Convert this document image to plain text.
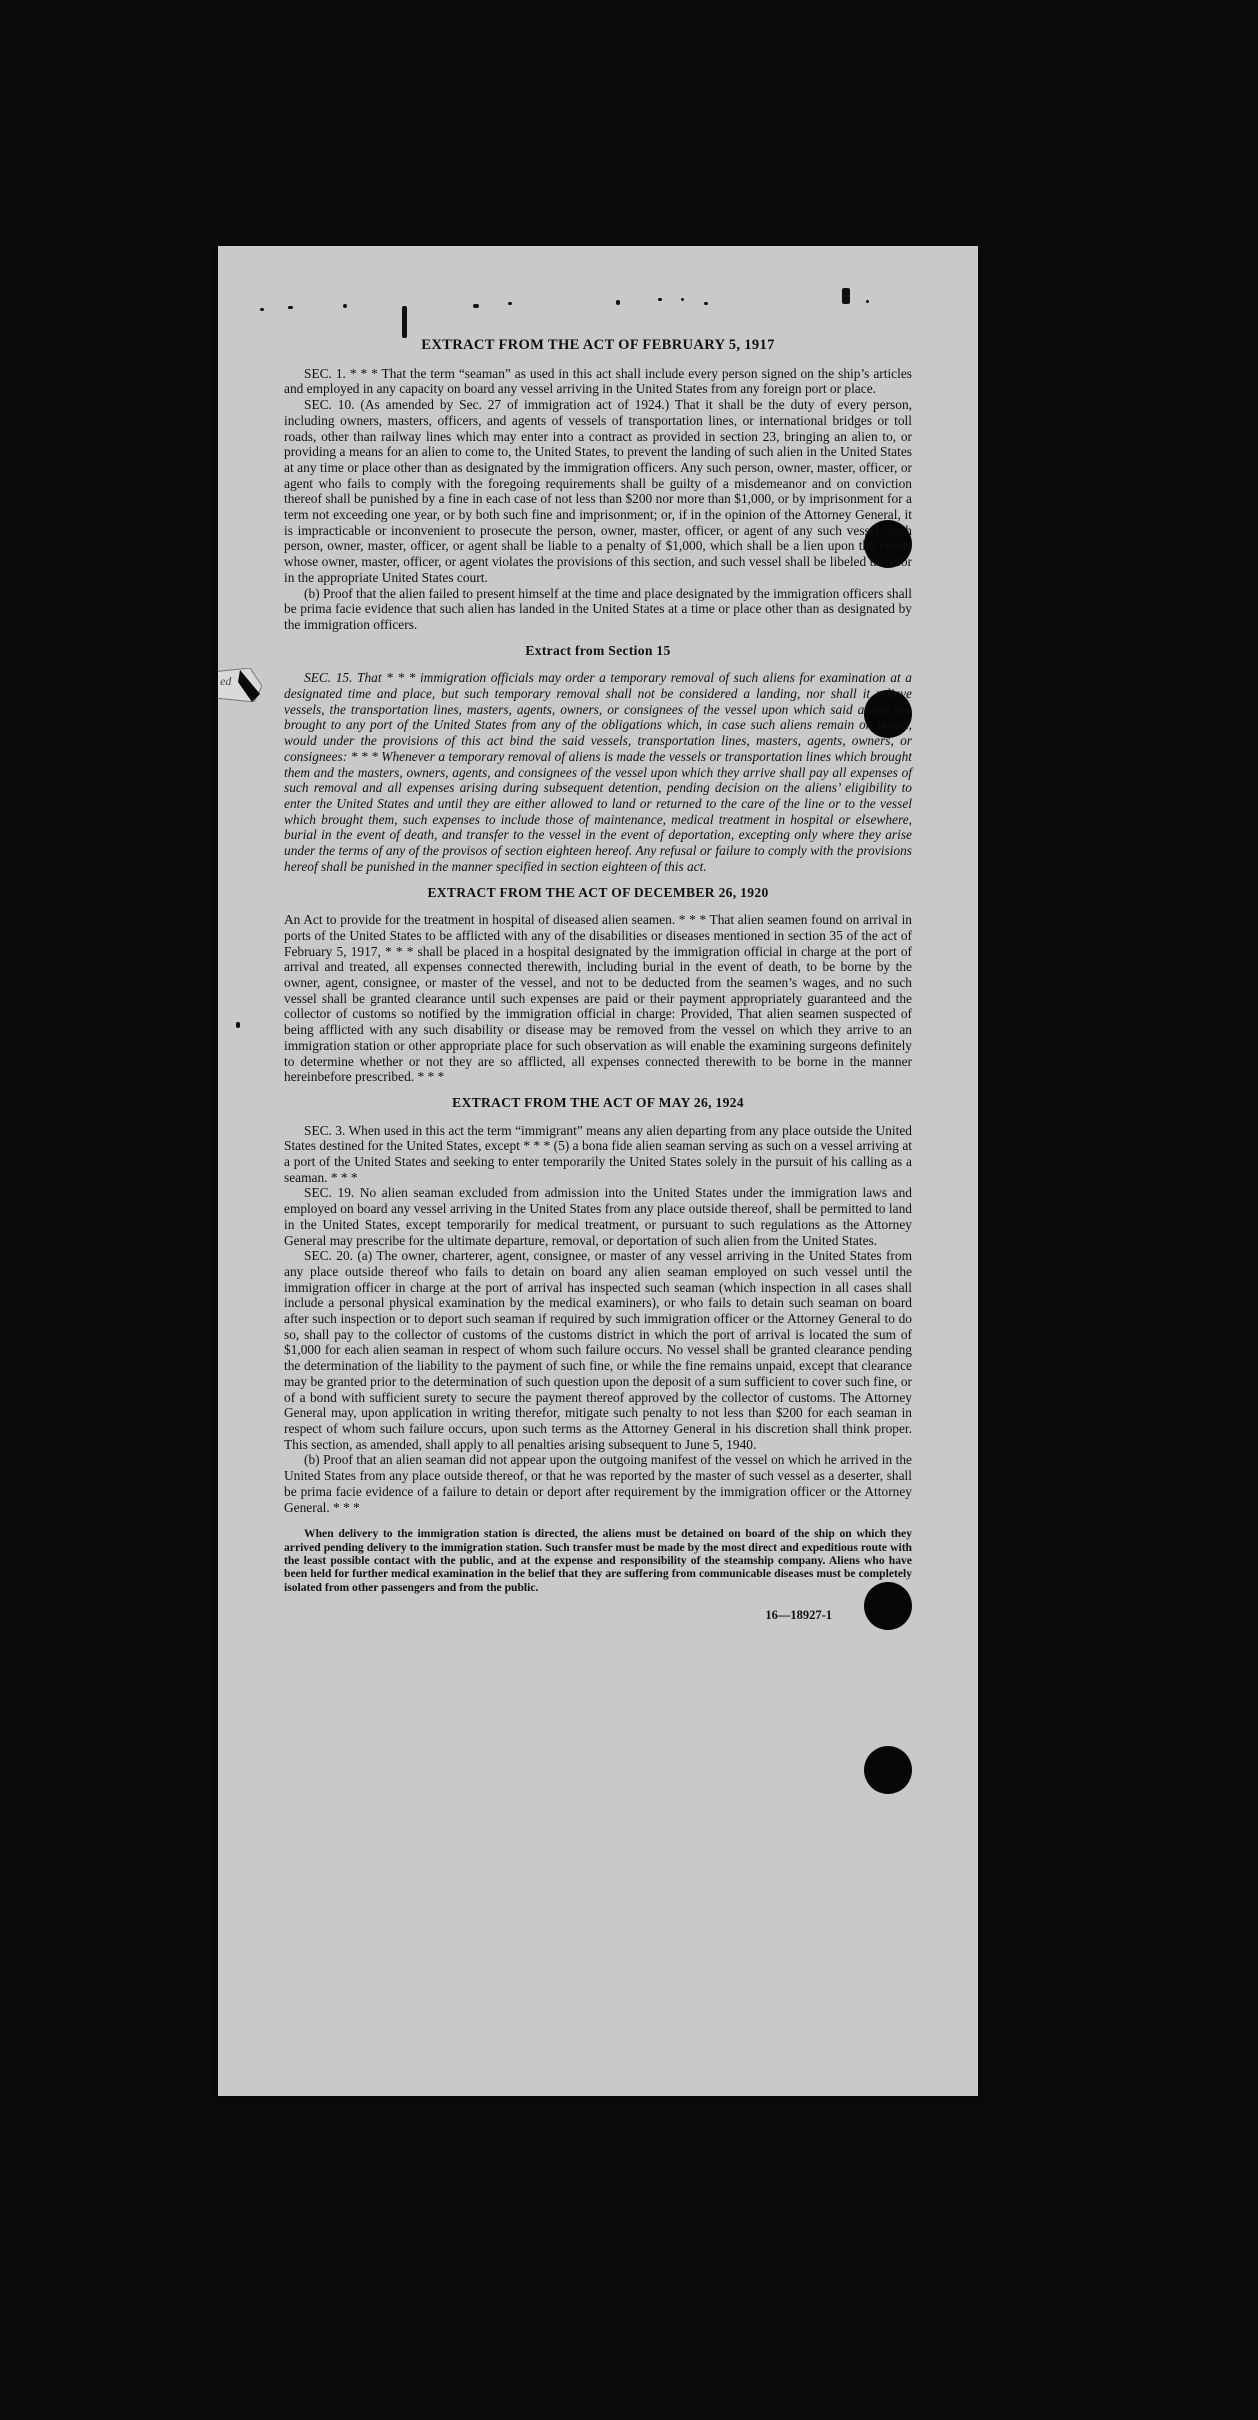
ed
EXTRACT FROM THE ACT OF FEBRUARY 5, 1917

SEC. 1. * * * That the term “seaman” as used in this act shall include every person signed on the ship’s articles and employed in any capacity on board any vessel arriving in the United States from any foreign port or place.

SEC. 10. (As amended by Sec. 27 of immigration act of 1924.) That it shall be the duty of every person, including owners, masters, officers, and agents of vessels of transportation lines, or international bridges or toll roads, other than railway lines which may enter into a contract as provided in section 23, bringing an alien to, or providing a means for an alien to come to, the United States, to prevent the landing of such alien in the United States at any time or place other than as designated by the immigration officers. Any such person, owner, master, officer, or agent who fails to comply with the foregoing requirements shall be guilty of a misdemeanor and on conviction thereof shall be punished by a fine in each case of not less than $200 nor more than $1,000, or by imprisonment for a term not exceeding one year, or by both such fine and imprisonment; or, if in the opinion of the Attorney General, it is impracticable or inconvenient to prosecute the person, owner, master, officer, or agent of any such vessel, such person, owner, master, officer, or agent shall be liable to a penalty of $1,000, which shall be a lien upon the vessel whose owner, master, officer, or agent violates the provisions of this section, and such vessel shall be libeled therefor in the appropriate United States court.

(b) Proof that the alien failed to present himself at the time and place designated by the immigration officers shall be prima facie evidence that such alien has landed in the United States at a time or place other than as designated by the immigration officers.

Extract from Section 15

SEC. 15. That * * * immigration officials may order a temporary removal of such aliens for examination at a designated time and place, but such temporary removal shall not be considered a landing, nor shall it relieve vessels, the transportation lines, masters, agents, owners, or consignees of the vessel upon which said aliens are brought to any port of the United States from any of the obligations which, in case such aliens remain on board, would under the provisions of this act bind the said vessels, transportation lines, masters, agents, owners, or consignees: * * * Whenever a temporary removal of aliens is made the vessels or transportation lines which brought them and the masters, owners, agents, and consignees of the vessel upon which they arrive shall pay all expenses of such removal and all expenses arising during subsequent detention, pending decision on the aliens’ eligibility to enter the United States and until they are either allowed to land or returned to the care of the line or to the vessel which brought them, such expenses to include those of maintenance, medical treatment in hospital or elsewhere, burial in the event of death, and transfer to the vessel in the event of deportation, excepting only where they arise under the terms of any of the provisos of section eighteen hereof. Any refusal or failure to comply with the provisions hereof shall be punished in the manner specified in section eighteen of this act.

EXTRACT FROM THE ACT OF DECEMBER 26, 1920

An Act to provide for the treatment in hospital of diseased alien seamen. * * * That alien seamen found on arrival in ports of the United States to be afflicted with any of the disabilities or diseases mentioned in section 35 of the act of February 5, 1917, * * * shall be placed in a hospital designated by the immigration official in charge at the port of arrival and treated, all expenses connected therewith, including burial in the event of death, to be borne by the owner, agent, consignee, or master of the vessel, and not to be deducted from the seamen’s wages, and no such vessel shall be granted clearance until such expenses are paid or their payment appropriately guaranteed and the collector of customs so notified by the immigration official in charge: Provided, That alien seamen suspected of being afflicted with any such disability or disease may be removed from the vessel on which they arrive to an immigration station or other appropriate place for such observation as will enable the examining surgeons definitely to determine whether or not they are so afflicted, all expenses connected therewith to be borne in the manner hereinbefore prescribed. * * *

EXTRACT FROM THE ACT OF MAY 26, 1924

SEC. 3. When used in this act the term “immigrant” means any alien departing from any place outside the United States destined for the United States, except * * * (5) a bona fide alien seaman serving as such on a vessel arriving at a port of the United States and seeking to enter temporarily the United States solely in the pursuit of his calling as a seaman. * * *

SEC. 19. No alien seaman excluded from admission into the United States under the immigration laws and employed on board any vessel arriving in the United States from any place outside thereof, shall be permitted to land in the United States, except temporarily for medical treatment, or pursuant to such regulations as the Attorney General may prescribe for the ultimate departure, removal, or deportation of such alien from the United States.

SEC. 20. (a) The owner, charterer, agent, consignee, or master of any vessel arriving in the United States from any place outside thereof who fails to detain on board any alien seaman employed on such vessel until the immigration officer in charge at the port of arrival has inspected such seaman (which inspection in all cases shall include a personal physical examination by the medical examiners), or who fails to detain such seaman on board after such inspection or to deport such seaman if required by such immigration officer or the Attorney General to do so, shall pay to the collector of customs of the customs district in which the port of arrival is located the sum of $1,000 for each alien seaman in respect of whom such failure occurs. No vessel shall be granted clearance pending the determination of the liability to the payment of such fine, or while the fine remains unpaid, except that clearance may be granted prior to the determination of such question upon the deposit of a sum sufficient to cover such fine, or of a bond with sufficient surety to secure the payment thereof approved by the collector of customs. The Attorney General may, upon application in writing therefor, mitigate such penalty to not less than $200 for each seaman in respect of whom such failure occurs, upon such terms as the Attorney General in his discretion shall think proper. This section, as amended, shall apply to all penalties arising subsequent to June 5, 1940.

(b) Proof that an alien seaman did not appear upon the outgoing manifest of the vessel on which he arrived in the United States from any place outside thereof, or that he was reported by the master of such vessel as a deserter, shall be prima facie evidence of a failure to detain or deport after requirement by the immigration officer or the Attorney General. * * *

When delivery to the immigration station is directed, the aliens must be detained on board of the ship on which they arrived pending delivery to the immigration station. Such transfer must be made by the most direct and expeditious route with the least possible contact with the public, and at the expense and responsibility of the steamship company. Aliens who have been held for further medical examination in the belief that they are suffering from communicable diseases must be completely isolated from other passengers and from the public.

16—18927-1
